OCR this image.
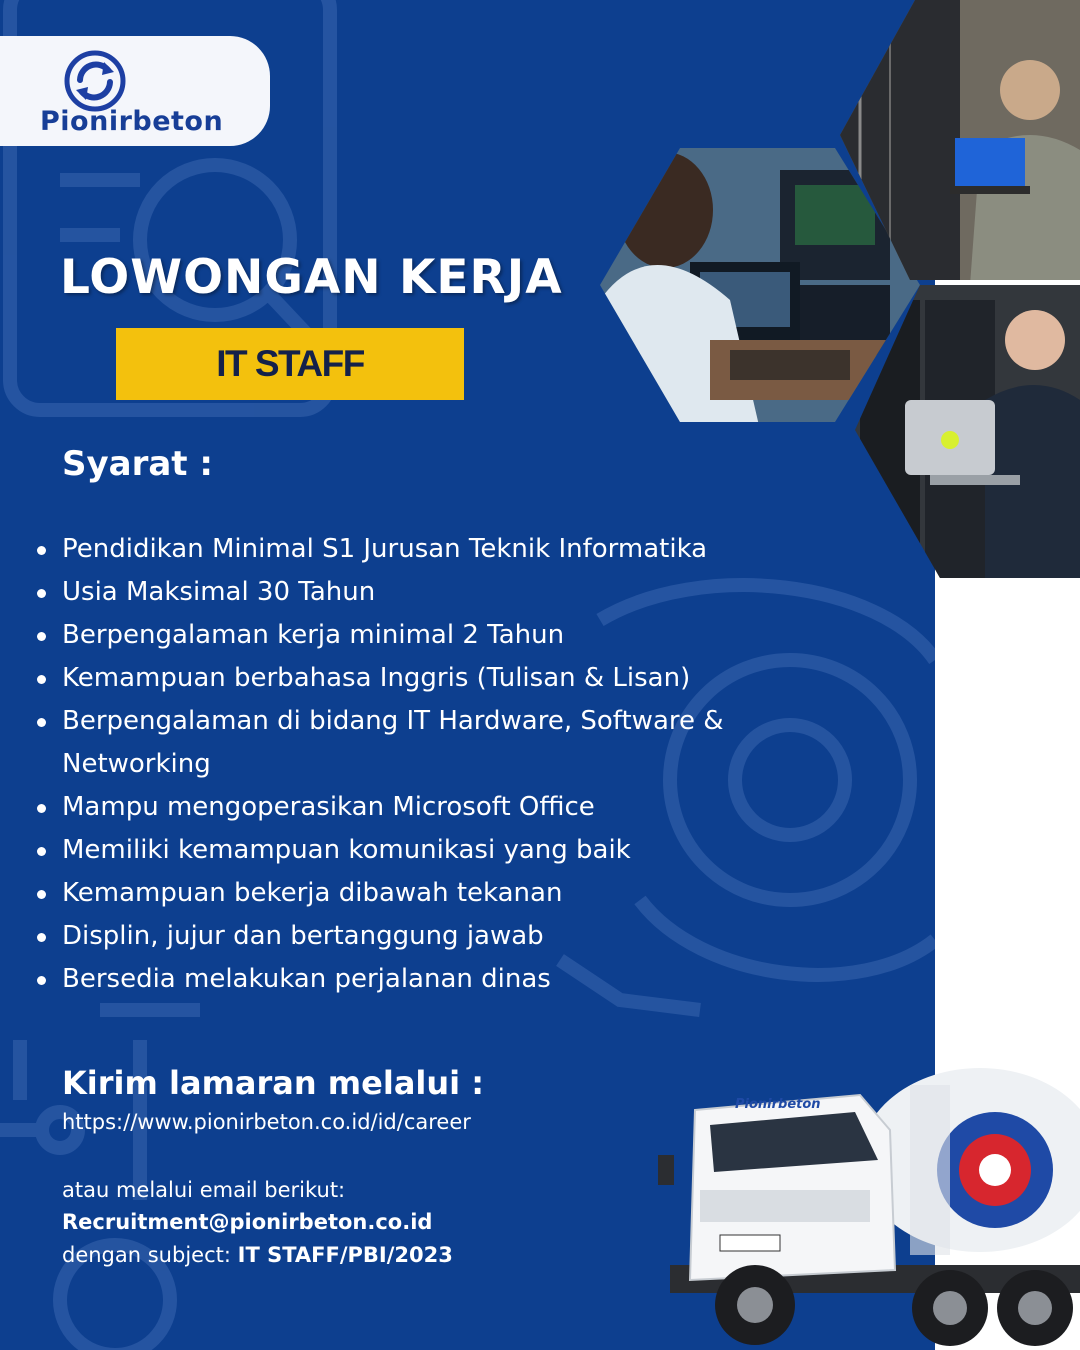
Pionirbeton
LOWONGAN KERJA
IT STAFF
Syarat :
Pendidikan Minimal S1 Jurusan Teknik Informatika
Usia Maksimal 30 Tahun
Berpengalaman kerja minimal 2 Tahun
Kemampuan berbahasa Inggris (Tulisan & Lisan)
Berpengalaman di bidang IT Hardware, Software & Networking
Mampu mengoperasikan Microsoft Office
Memiliki kemampuan komunikasi yang baik
Kemampuan bekerja dibawah tekanan
Displin, jujur dan bertanggung jawab
Bersedia melakukan perjalanan dinas
Kirim lamaran melalui :
https://www.pionirbeton.co.id/id/career
atau melalui email berikut:
Recruitment@pionirbeton.co.id
dengan subject: IT STAFF/PBI/2023
Pionirbeton
